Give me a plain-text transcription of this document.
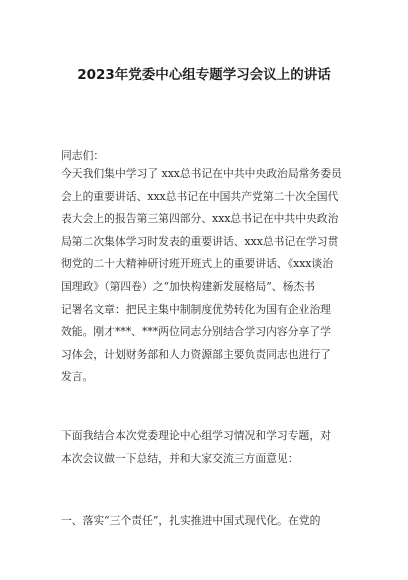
2023年党委中心组专题学习会议上的讲话

同志们：

今天我们集中学习了 xxx总书记在中共中央政治局常务委员
会上的重要讲话、xxx总书记在中国共产党第二十次全国代
表大会上的报告第三第四部分、xxx总书记在中共中央政治
局第二次集体学习时发表的重要讲话、xxx总书记在学习贯
彻党的二十大精神研讨班开班式上的重要讲话、《xxx谈治
国理政》（第四卷）之“加快构建新发展格局”、杨杰书
记署名文章：把民主集中制制度优势转化为国有企业治理
效能。刚才***、***两位同志分别结合学习内容分享了学
习体会，计划财务部和人力资源部主要负责同志也进行了
发言。

下面我结合本次党委理论中心组学习情况和学习专题，对
本次会议做一下总结，并和大家交流三方面意见：

一、落实“三个责任”，扎实推进中国式现代化。在党的
